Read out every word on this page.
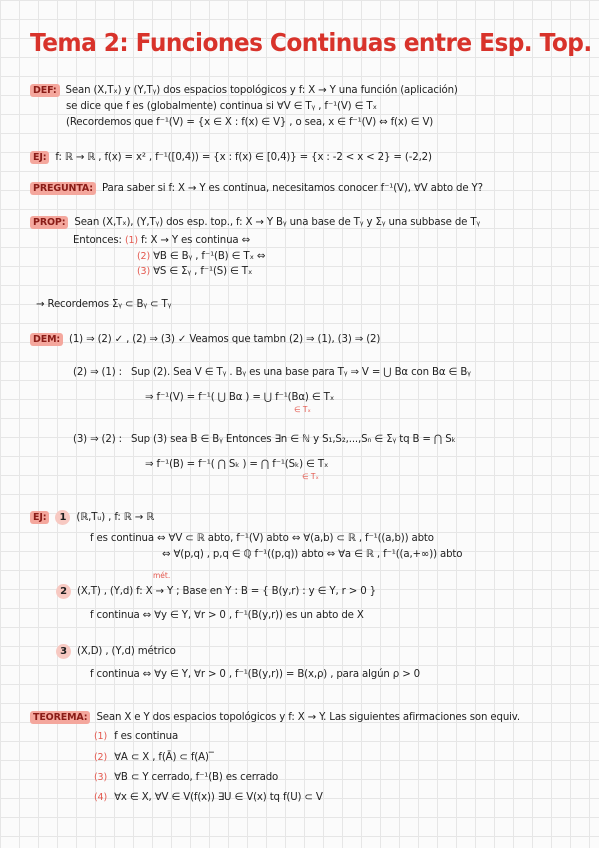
Tema 2: Funciones Continuas entre Esp. Top.
DEF: Sean (X,Tₓ) y (Y,Tᵧ) dos espacios topológicos y f: X → Y una función (aplicación)
se dice que f es (globalmente) continua si ∀V ∈ Tᵧ , f⁻¹(V) ∈ Tₓ
(Recordemos que f⁻¹(V) = {x ∈ X : f(x) ∈ V} , o sea, x ∈ f⁻¹(V) ⇔ f(x) ∈ V)
EJ: f: ℝ → ℝ , f(x) = x² , f⁻¹([0,4)) = {x : f(x) ∈ [0,4)} = {x : -2 < x < 2} = (-2,2)
PREGUNTA: Para saber si f: X → Y es continua, necesitamos conocer f⁻¹(V), ∀V abto de Y?
PROP: Sean (X,Tₓ), (Y,Tᵧ) dos esp. top., f: X → Y Bᵧ una base de Tᵧ y Σᵧ una subbase de Tᵧ
Entonces: (1) f: X → Y es continua ⇔
(2) ∀B ∈ Bᵧ , f⁻¹(B) ∈ Tₓ ⇔
(3) ∀S ∈ Σᵧ , f⁻¹(S) ∈ Tₓ
→ Recordemos Σᵧ ⊂ Bᵧ ⊂ Tᵧ
DEM: (1) ⇒ (2) ✓ , (2) ⇒ (3) ✓ Veamos que tambn (2) ⇒ (1), (3) ⇒ (2)
(2) ⇒ (1) : Sup (2). Sea V ∈ Tᵧ . Bᵧ es una base para Tᵧ ⇒ V = ⋃ Bα con Bα ∈ Bᵧ
⇒ f⁻¹(V) = f⁻¹( ⋃ Bα ) = ⋃ f⁻¹(Bα) ∈ Tₓ
∈ Tₓ
(3) ⇒ (2) : Sup (3) sea B ∈ Bᵧ Entonces ∃n ∈ ℕ y S₁,S₂,...,Sₙ ∈ Σᵧ tq B = ⋂ Sₖ
⇒ f⁻¹(B) = f⁻¹( ⋂ Sₖ ) = ⋂ f⁻¹(Sₖ) ∈ Tₓ
∈ Tₓ
EJ: 1 (ℝ,Tᵤ) , f: ℝ → ℝ
f es continua ⇔ ∀V ⊂ ℝ abto, f⁻¹(V) abto ⇔ ∀(a,b) ⊂ ℝ , f⁻¹((a,b)) abto
⇔ ∀(p,q) , p,q ∈ ℚ f⁻¹((p,q)) abto ⇔ ∀a ∈ ℝ , f⁻¹((a,+∞)) abto
mét.
2 (X,T) , (Y,d) f: X → Y ; Base en Y : B = { B(y,r) : y ∈ Y, r > 0 }
f continua ⇔ ∀y ∈ Y, ∀r > 0 , f⁻¹(B(y,r)) es un abto de X
3 (X,D) , (Y,d) métrico
f continua ⇔ ∀y ∈ Y, ∀r > 0 , f⁻¹(B(y,r)) = B(x,ρ) , para algún ρ > 0
TEOREMA: Sean X e Y dos espacios topológicos y f: X → Y. Las siguientes afirmaciones son equiv.
(1) f es continua
(2) ∀A ⊂ X , f(Ā) ⊂ f(A)‾
(3) ∀B ⊂ Y cerrado, f⁻¹(B) es cerrado
(4) ∀x ∈ X, ∀V ∈ V(f(x)) ∃U ∈ V(x) tq f(U) ⊂ V
